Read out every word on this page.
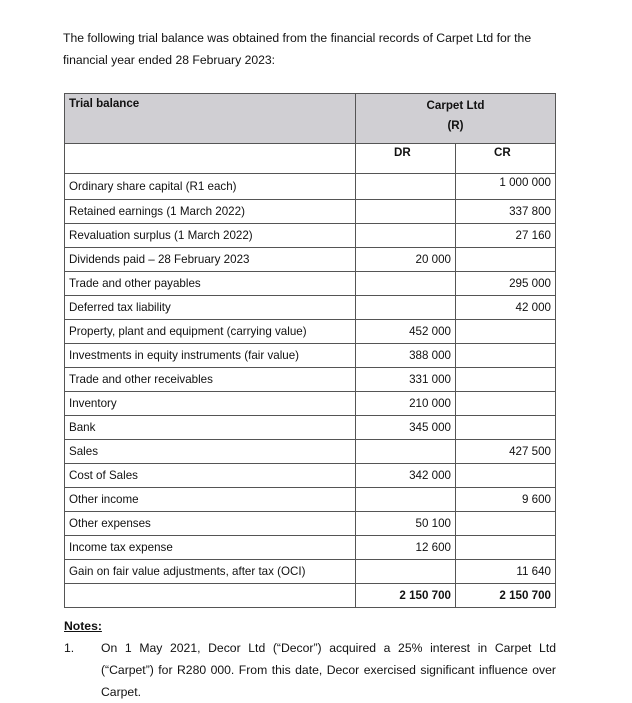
The following trial balance was obtained from the financial records of Carpet Ltd for the financial year ended 28 February 2023:
Trial balance	Carpet Ltd
(R)	

	DR	CR
Ordinary share capital (R1 each)		1 000 000
Retained earnings (1 March 2022)		337 800
Revaluation surplus (1 March 2022)		27 160
Dividends paid – 28 February 2023	20 000	
Trade and other payables		295 000
Deferred tax liability		42 000
Property, plant and equipment (carrying value)	452 000	
Investments in equity instruments (fair value)	388 000	
Trade and other receivables	331 000	
Inventory	210 000	
Bank	345 000	
Sales		427 500
Cost of Sales	342 000	
Other income		9 600
Other expenses	50 100	
Income tax expense	12 600	
Gain on fair value adjustments, after tax (OCI)		11 640
	2 150 700	2 150 700
Notes:
1. On 1 May 2021, Decor Ltd (“Decor”) acquired a 25% interest in Carpet Ltd (“Carpet”) for R280 000. From this date, Decor exercised significant influence over Carpet.
